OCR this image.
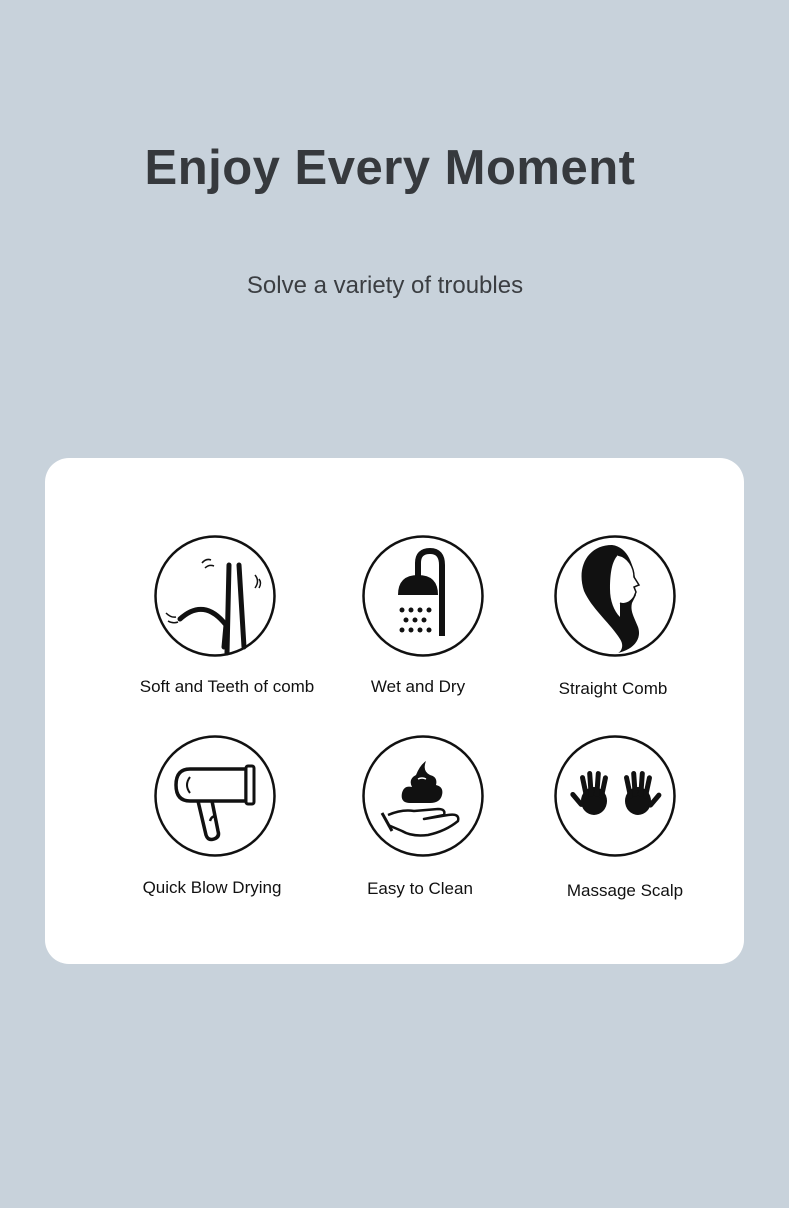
Enjoy Every Moment

Solve a variety of troubles

Soft and Teeth of comb	Wet and Dry	Straight Comb
Quick Blow Drying	Easy to Clean	Massage Scalp
